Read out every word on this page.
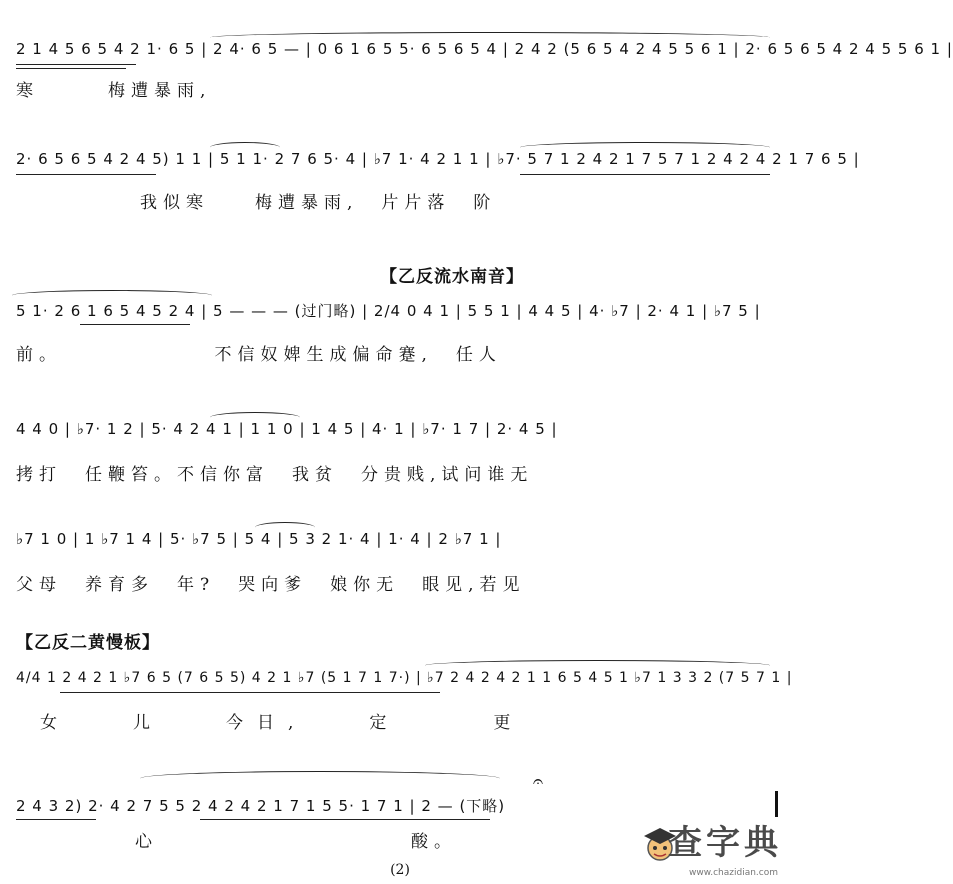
2 1 4 5 6 5 4 2 1· 6 5 | 2 4· 6 5 — | 0 6 1 6 5 5· 6 5 6 5 4 | 2 4 2 (5 6 5 4 2 4 5 5 6 1 | 2· 6 5 6 5 4 2 4 5 5 6 1 |
寒　　　梅遭暴雨,
2· 6 5 6 5 4 2 4 5) 1 1 | 5 1 1· 2 7 6 5· 4 | ♭7 1· 4 2 1 1 | ♭7· 5 7 1 2 4 2 1 7 5 7 1 2 4 2 4 2 1 7 6 5 |
我似寒　　梅遭暴雨,　片片落　阶
【乙反流水南音】
5 1· 2 6 1 6 5 4 5 2 4 | 5 — — — (过门略) | 2/4 0 4 1 | 5 5 1 | 4 4 5 | 4· ♭7 | 2· 4 1 | ♭7 5 |
前。　　　　　　　不信奴婢生成偏命蹇,　任人
4 4 0 | ♭7· 1 2 | 5· 4 2 4 1 | 1 1 0 | 1 4 5 | 4· 1 | ♭7· 1 7 | 2· 4 5 |
拷打　任鞭笞。不信你富　我贫　分贵贱,试问谁无
♭7 1 0 | 1 ♭7 1 4 | 5· ♭7 5 | 5 4 | 5 3 2 1· 4 | 1· 4 | 2 ♭7 1 |
父母　养育多　年?　哭向爹　娘你无　眼见,若见
【乙反二黄慢板】
4/4 1 2 4 2 1 ♭7 6 5 (7 6 5 5) 4 2 1 ♭7 (5 1 7 1 7·) | ♭7 2 4 2 4 2 1 1 6 5 4 5 1 ♭7 1 3 3 2 (7 5 7 1 |
女　　儿　　今日,　　定　　　更
𝄐
2 4 3 2) 2· 4 2 7 5 5 2 4 2 4 2 1 7 1 5 5· 1 7 1 | 2 — (下略)
心　　　　　　　　　　　酸。
(2)
查字典
www.chazidian.com
